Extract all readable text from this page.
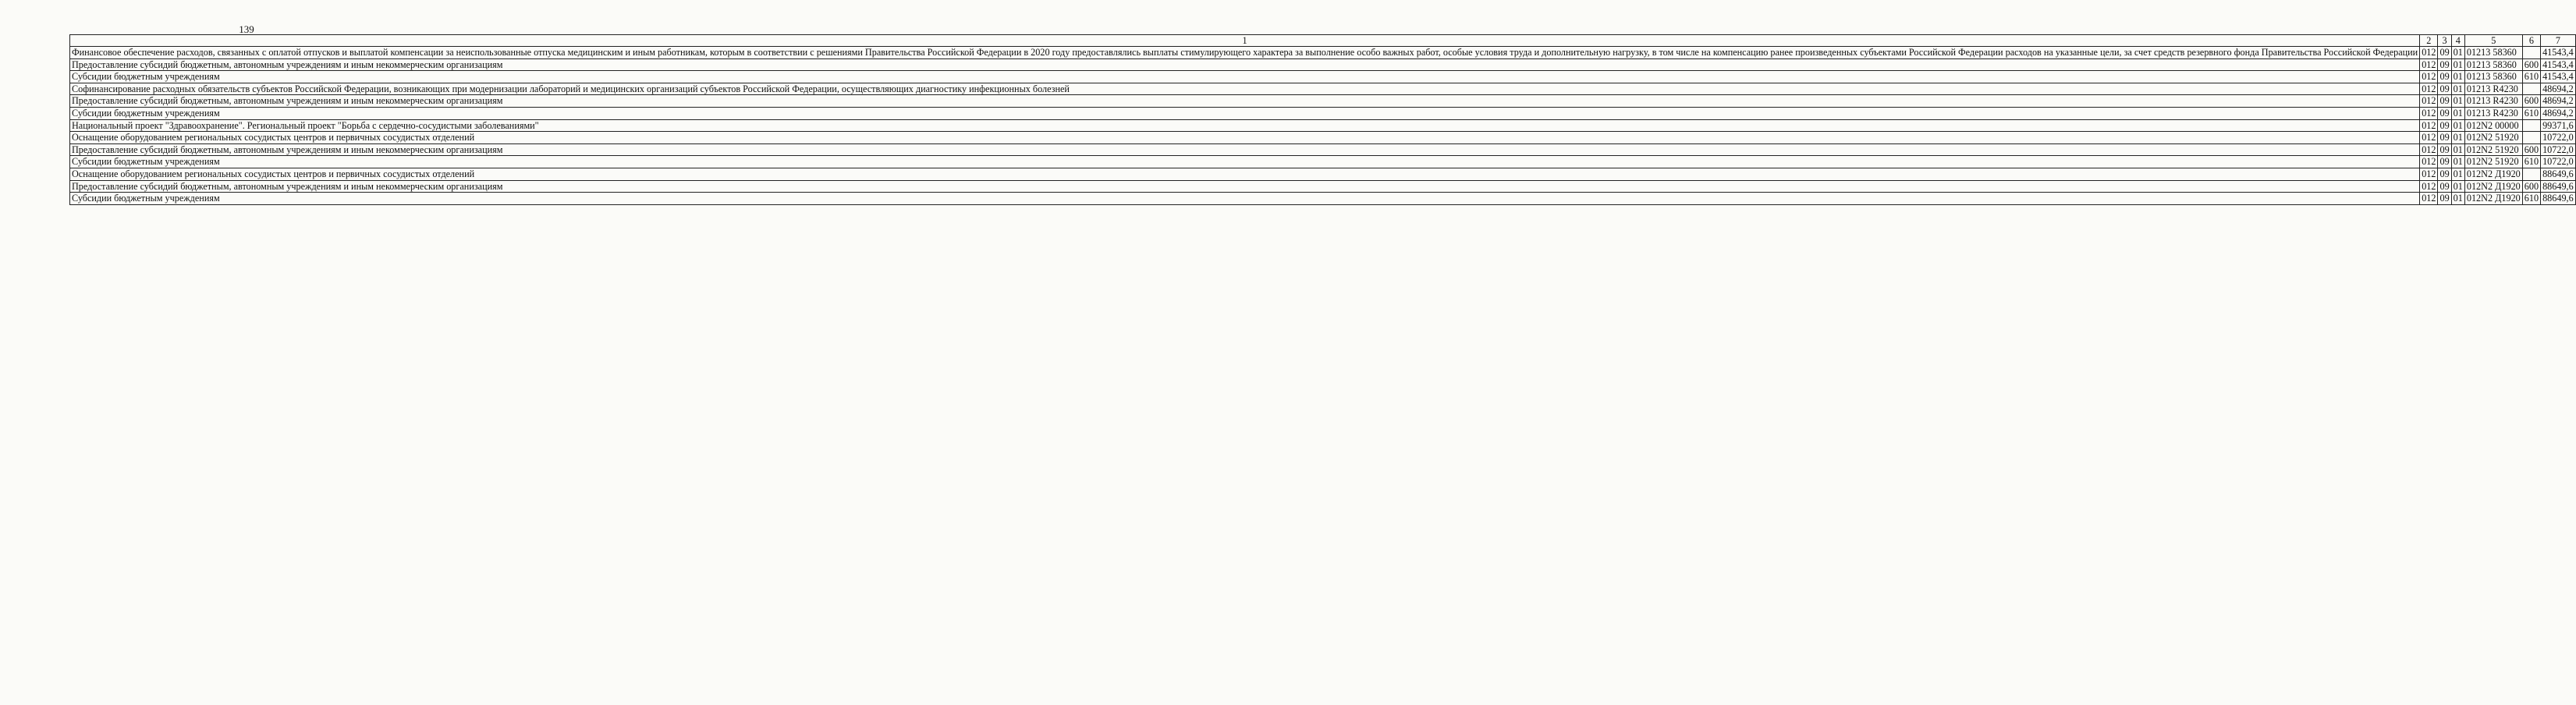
139
1	2	3	4	5	6	7
Финансовое обеспечение расходов, связанных с оплатой отпусков и выплатой компенсации за неиспользованные отпуска медицинским и иным работникам, которым в соответствии с решениями Правительства Российской Федерации в 2020 году предоставлялись выплаты стимулирующего характера за выполнение особо важных работ, особые условия труда и дополнительную нагрузку, в том числе на компенсацию ранее произведенных субъектами Российской Федерации расходов на указанные цели, за счет средств резервного фонда Правительства Российской Федерации	012	09	01	01213 58360		41543,4
Предоставление субсидий бюджетным, автономным учреждениям и иным некоммерческим организациям	012	09	01	01213 58360	600	41543,4
Субсидии бюджетным учреждениям	012	09	01	01213 58360	610	41543,4
Софинансирование расходных обязательств субъектов Российской Федерации, возникающих при модернизации лабораторий и медицинских организаций субъектов Российской Федерации, осуществляющих диагностику инфекционных болезней	012	09	01	01213 R4230		48694,2
Предоставление субсидий бюджетным, автономным учреждениям и иным некоммерческим организациям	012	09	01	01213 R4230	600	48694,2
Субсидии бюджетным учреждениям	012	09	01	01213 R4230	610	48694,2
Национальный проект "Здравоохранение". Региональный проект "Борьба с сердечно-сосудистыми заболеваниями"	012	09	01	012N2 00000		99371,6
Оснащение оборудованием региональных сосудистых центров и первичных сосудистых отделений	012	09	01	012N2 51920		10722,0
Предоставление субсидий бюджетным, автономным учреждениям и иным некоммерческим организациям	012	09	01	012N2 51920	600	10722,0
Субсидии бюджетным учреждениям	012	09	01	012N2 51920	610	10722,0
Оснащение оборудованием региональных сосудистых центров и первичных сосудистых отделений	012	09	01	012N2 Д1920		88649,6
Предоставление субсидий бюджетным, автономным учреждениям и иным некоммерческим организациям	012	09	01	012N2 Д1920	600	88649,6
Субсидии бюджетным учреждениям	012	09	01	012N2 Д1920	610	88649,6
